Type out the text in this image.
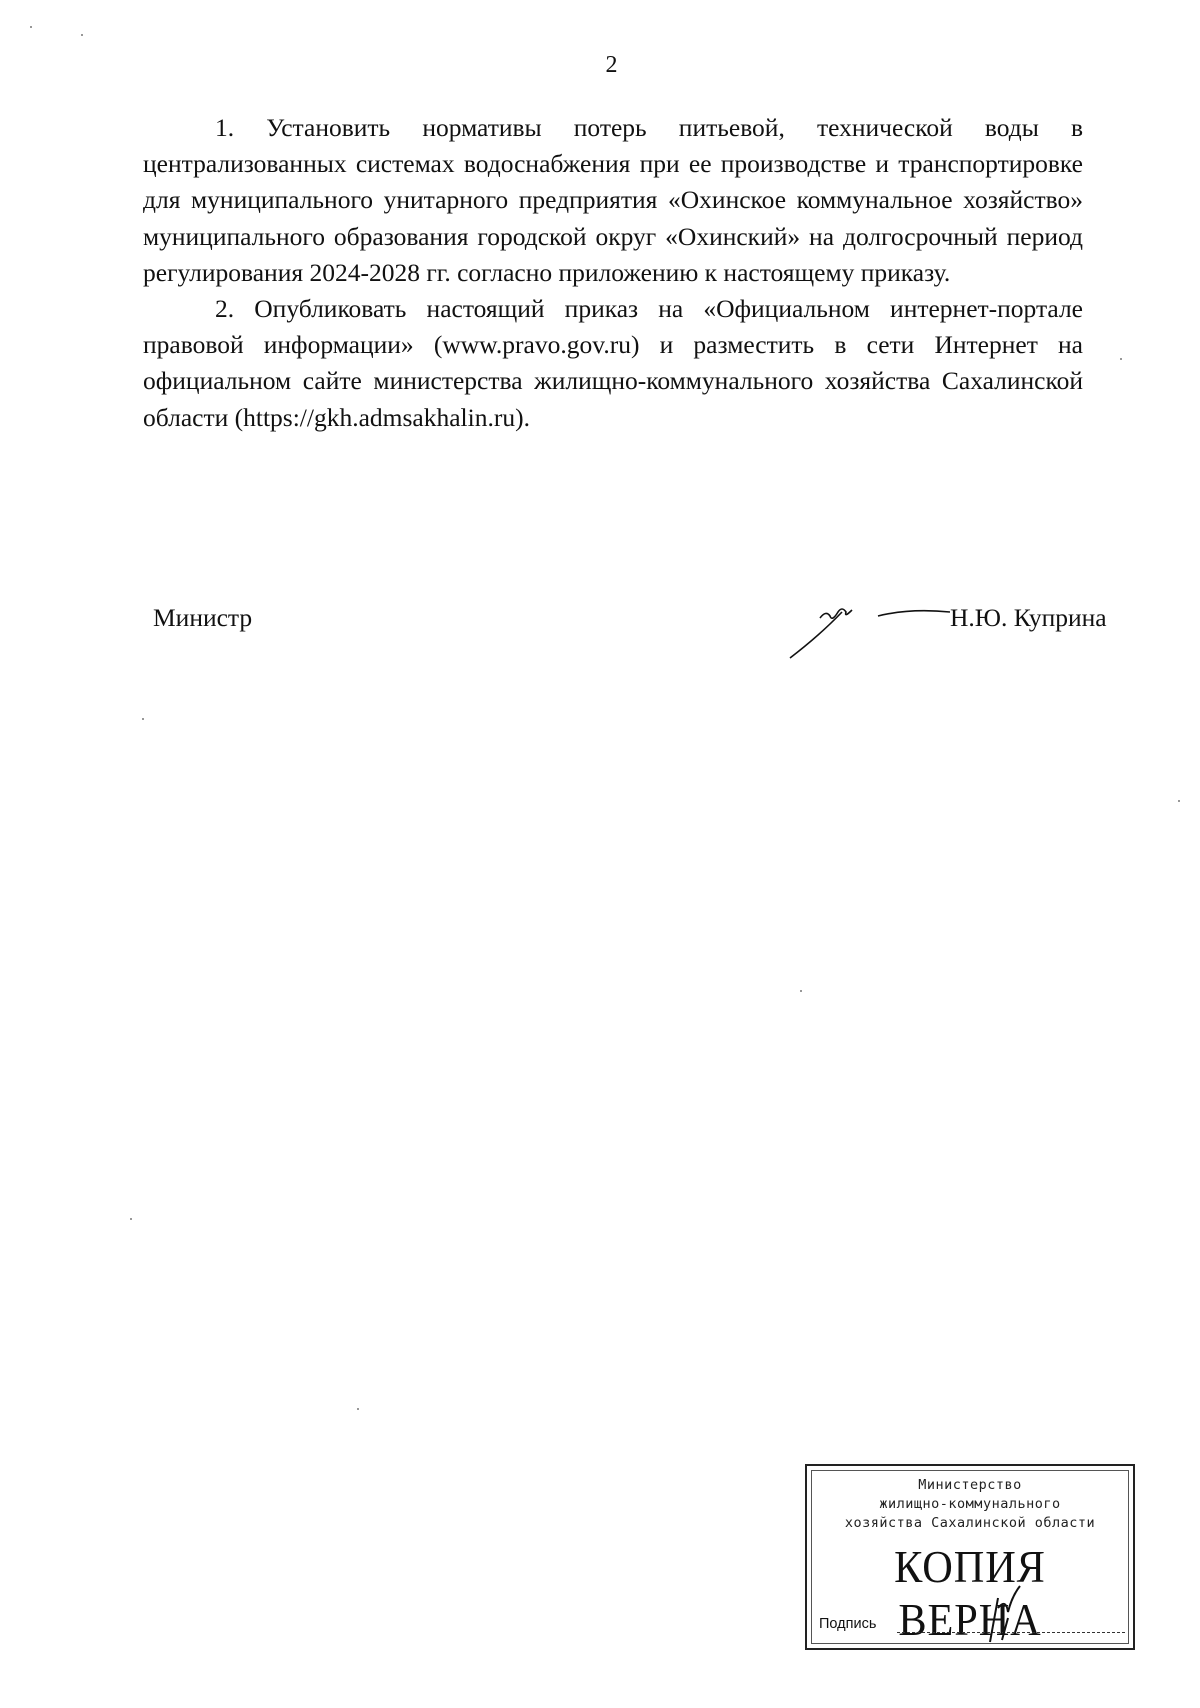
2

1. Установить нормативы потерь питьевой, технической воды в централизованных системах водоснабжения при ее производстве и транспортировке для муниципального унитарного предприятия «Охинское коммунальное хозяйство» муниципального образования городской округ «Охинский» на долгосрочный период регулирования 2024-2028 гг. согласно приложению к настоящему приказу.

2. Опубликовать настоящий приказ на «Официальном интернет-портале правовой информации» (www.pravo.gov.ru) и разместить в сети Интернет на официальном сайте министерства жилищно-коммунального хозяйства Сахалинской области (https://gkh.admsakhalin.ru).

Министр	Н.Ю. Куприна
Министерство
жилищно-коммунального
хозяйства Сахалинской области
КОПИЯ ВЕРНА
Подпись
